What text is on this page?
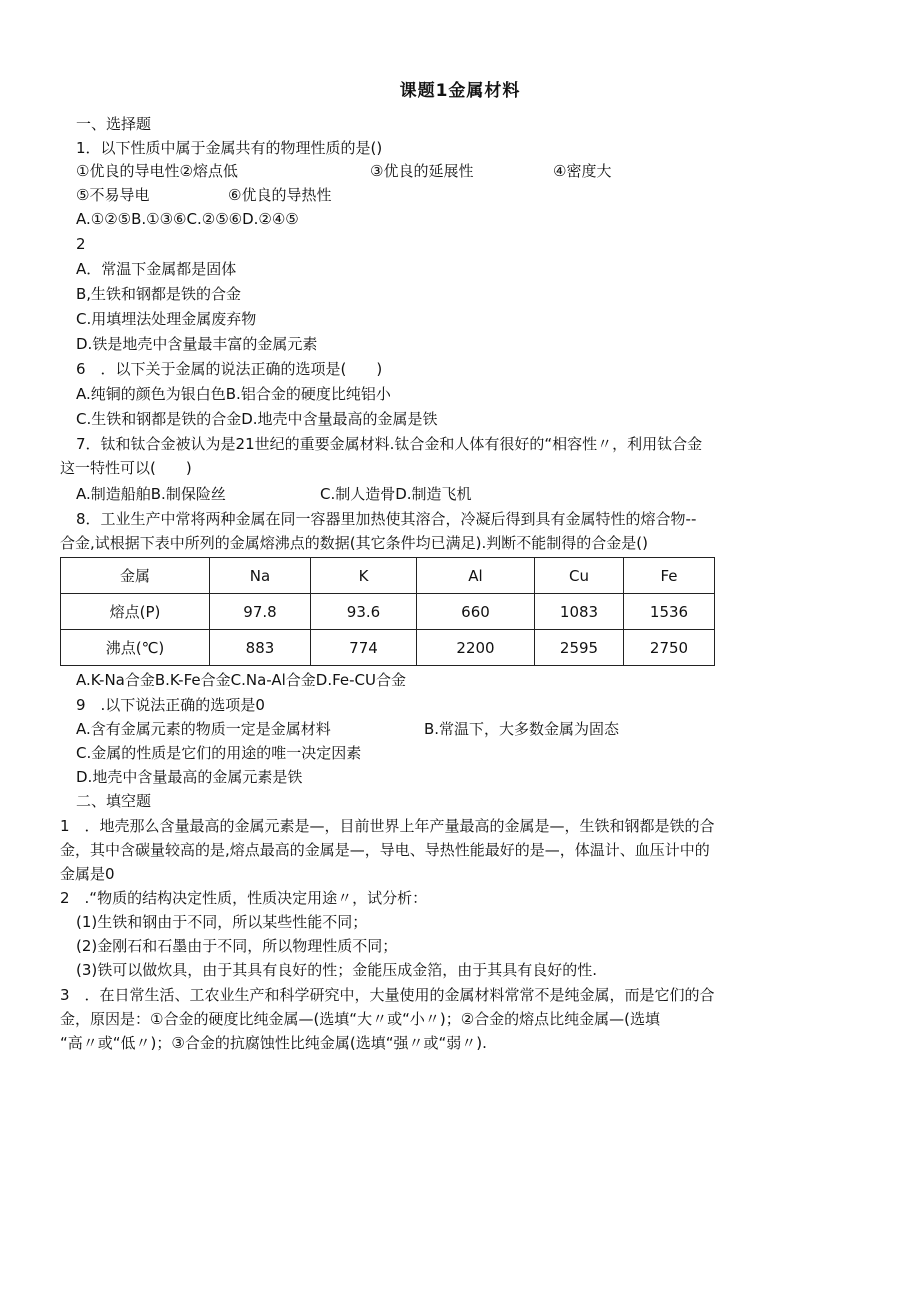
课题1金属材料
一、选择题
1．以下性质中属于金属共有的物理性质的是()
①优良的导电性②熔点低	③优良的延展性	④密度大
⑤不易导电	⑥优良的导热性
A.①②⑤B.①③⑥C.②⑤⑥D.②④⑤
2
A．常温下金属都是固体
B,生铁和钢都是铁的合金
C.用填埋法处理金属废弃物
D.铁是地壳中含量最丰富的金属元素
6　．以下关于金属的说法正确的选项是(　　)
A.纯铜的颜色为银白色B.铝合金的硬度比纯铝小
C.生铁和钢都是铁的合金D.地壳中含量最高的金属是铁
7．钛和钛合金被认为是21世纪的重要金属材料.钛合金和人体有很好的“相容性〃，利用钛合金
这一特性可以(　　)
A.制造船舶B.制保险丝	C.制人造骨D.制造飞机
8．工业生产中常将两种金属在同一容器里加热使其溶合，冷凝后得到具有金属特性的熔合物--
合金,试根据下表中所列的金属熔沸点的数据(其它条件均已满足).判断不能制得的合金是()
金属	Na	K	Al	Cu	Fe
熔点(P)	97.8	93.6	660	1083	1536
沸点(℃)	883	774	2200	2595	2750
A.K-Na合金B.K-Fe合金C.Na-Al合金D.Fe-CU合金
9　.以下说法正确的选项是0
A.含有金属元素的物质一定是金属材料	B.常温下，大多数金属为固态
C.金属的性质是它们的用途的唯一决定因素
D.地壳中含量最高的金属元素是铁
二、填空题
1　．地壳那么含量最高的金属元素是—，目前世界上年产量最高的金属是—，生铁和钢都是铁的合
金，其中含碳量较高的是,熔点最高的金属是—，导电、导热性能最好的是—，体温计、血压计中的
金属是0
2　.“物质的结构决定性质，性质决定用途〃，试分析：
(1)生铁和钢由于不同，所以某些性能不同；
(2)金刚石和石墨由于不同，所以物理性质不同；
(3)铁可以做炊具，由于其具有良好的性；金能压成金箔，由于其具有良好的性.
3　．在日常生活、工农业生产和科学研究中，大量使用的金属材料常常不是纯金属，而是它们的合
金，原因是：①合金的硬度比纯金属—(选填“大〃或“小〃)；②合金的熔点比纯金属—(选填
“高〃或“低〃)；③合金的抗腐蚀性比纯金属(选填“强〃或“弱〃).
